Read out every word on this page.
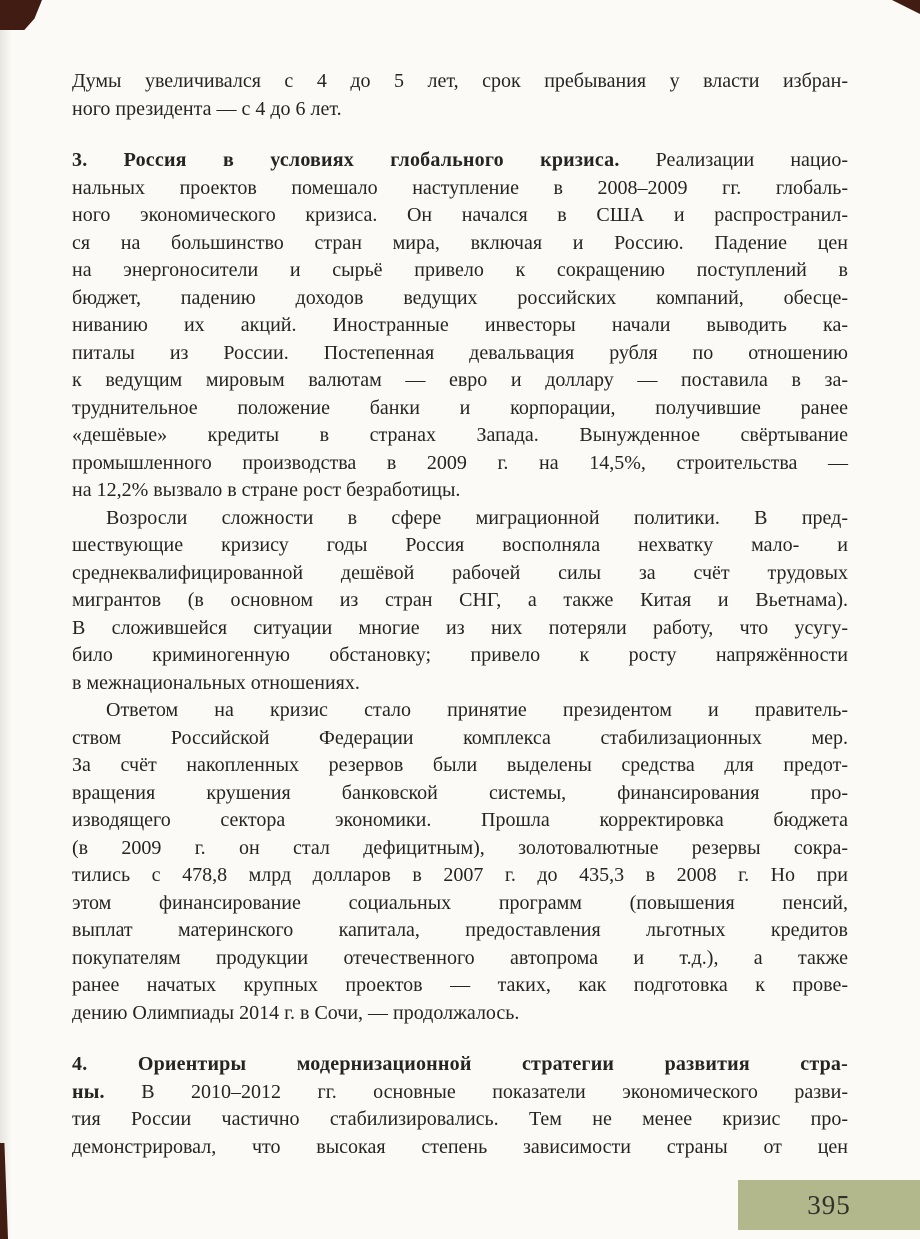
Думы увеличивался с 4 до 5 лет, срок пребывания у власти избран-
ного президента — с 4 до 6 лет.
3. Россия в условиях глобального кризиса. Реализации нацио-
нальных проектов помешало наступление в 2008–2009 гг. глобаль-
ного экономического кризиса. Он начался в США и распространил-
ся на большинство стран мира, включая и Россию. Падение цен
на энергоносители и сырьё привело к сокращению поступлений в
бюджет, падению доходов ведущих российских компаний, обесце-
ниванию их акций. Иностранные инвесторы начали выводить ка-
питалы из России. Постепенная девальвация рубля по отношению
к ведущим мировым валютам — евро и доллару — поставила в за-
труднительное положение банки и корпорации, получившие ранее
«дешёвые» кредиты в странах Запада. Вынужденное свёртывание
промышленного производства в 2009 г. на 14,5%, строительства —
на 12,2% вызвало в стране рост безработицы.
Возросли сложности в сфере миграционной политики. В пред-
шествующие кризису годы Россия восполняла нехватку мало- и
среднеквалифицированной дешёвой рабочей силы за счёт трудовых
мигрантов (в основном из стран СНГ, а также Китая и Вьетнама).
В сложившейся ситуации многие из них потеряли работу, что усугу-
било криминогенную обстановку; привело к росту напряжённости
в межнациональных отношениях.
Ответом на кризис стало принятие президентом и правитель-
ством Российской Федерации комплекса стабилизационных мер.
За счёт накопленных резервов были выделены средства для предот-
вращения крушения банковской системы, финансирования про-
изводящего сектора экономики. Прошла корректировка бюджета
(в 2009 г. он стал дефицитным), золотовалютные резервы сокра-
тились с 478,8 млрд долларов в 2007 г. до 435,3 в 2008 г. Но при
этом финансирование социальных программ (повышения пенсий,
выплат материнского капитала, предоставления льготных кредитов
покупателям продукции отечественного автопрома и т.д.), а также
ранее начатых крупных проектов — таких, как подготовка к прове-
дению Олимпиады 2014 г. в Сочи, — продолжалось.
4. Ориентиры модернизационной стратегии развития стра-
ны. В 2010–2012 гг. основные показатели экономического разви-
тия России частично стабилизировались. Тем не менее кризис про-
демонстрировал, что высокая степень зависимости страны от цен
395
